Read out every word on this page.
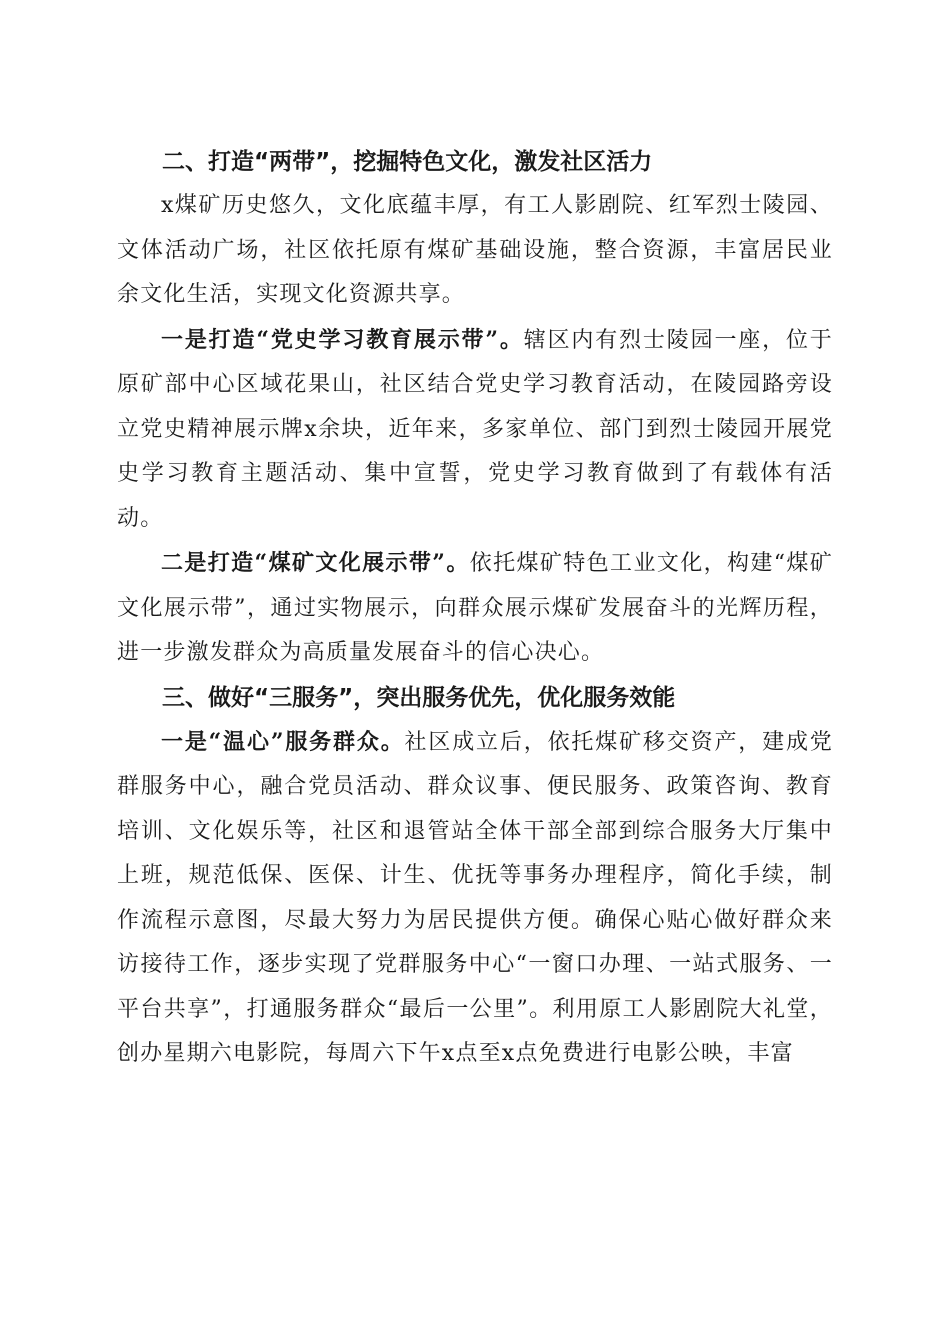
二、打造“两带”，挖掘特色文化，激发社区活力

x煤矿历史悠久，文化底蕴丰厚，有工人影剧院、红军烈士陵园、文体活动广场，社区依托原有煤矿基础设施，整合资源，丰富居民业余文化生活，实现文化资源共享。

一是打造“党史学习教育展示带”。辖区内有烈士陵园一座，位于原矿部中心区域花果山，社区结合党史学习教育活动，在陵园路旁设立党史精神展示牌x余块，近年来，多家单位、部门到烈士陵园开展党史学习教育主题活动、集中宣誓，党史学习教育做到了有载体有活动。

二是打造“煤矿文化展示带”。依托煤矿特色工业文化，构建“煤矿文化展示带”，通过实物展示，向群众展示煤矿发展奋斗的光辉历程，进一步激发群众为高质量发展奋斗的信心决心。

三、做好“三服务”，突出服务优先，优化服务效能

一是“温心”服务群众。社区成立后，依托煤矿移交资产，建成党群服务中心，融合党员活动、群众议事、便民服务、政策咨询、教育培训、文化娱乐等，社区和退管站全体干部全部到综合服务大厅集中上班，规范低保、医保、计生、优抚等事务办理程序，简化手续，制作流程示意图，尽最大努力为居民提供方便。确保心贴心做好群众来访接待工作，逐步实现了党群服务中心“一窗口办理、一站式服务、一平台共享”，打通服务群众“最后一公里”。利用原工人影剧院大礼堂，创办星期六电影院，每周六下午x点至x点免费进行电影公映，丰富
